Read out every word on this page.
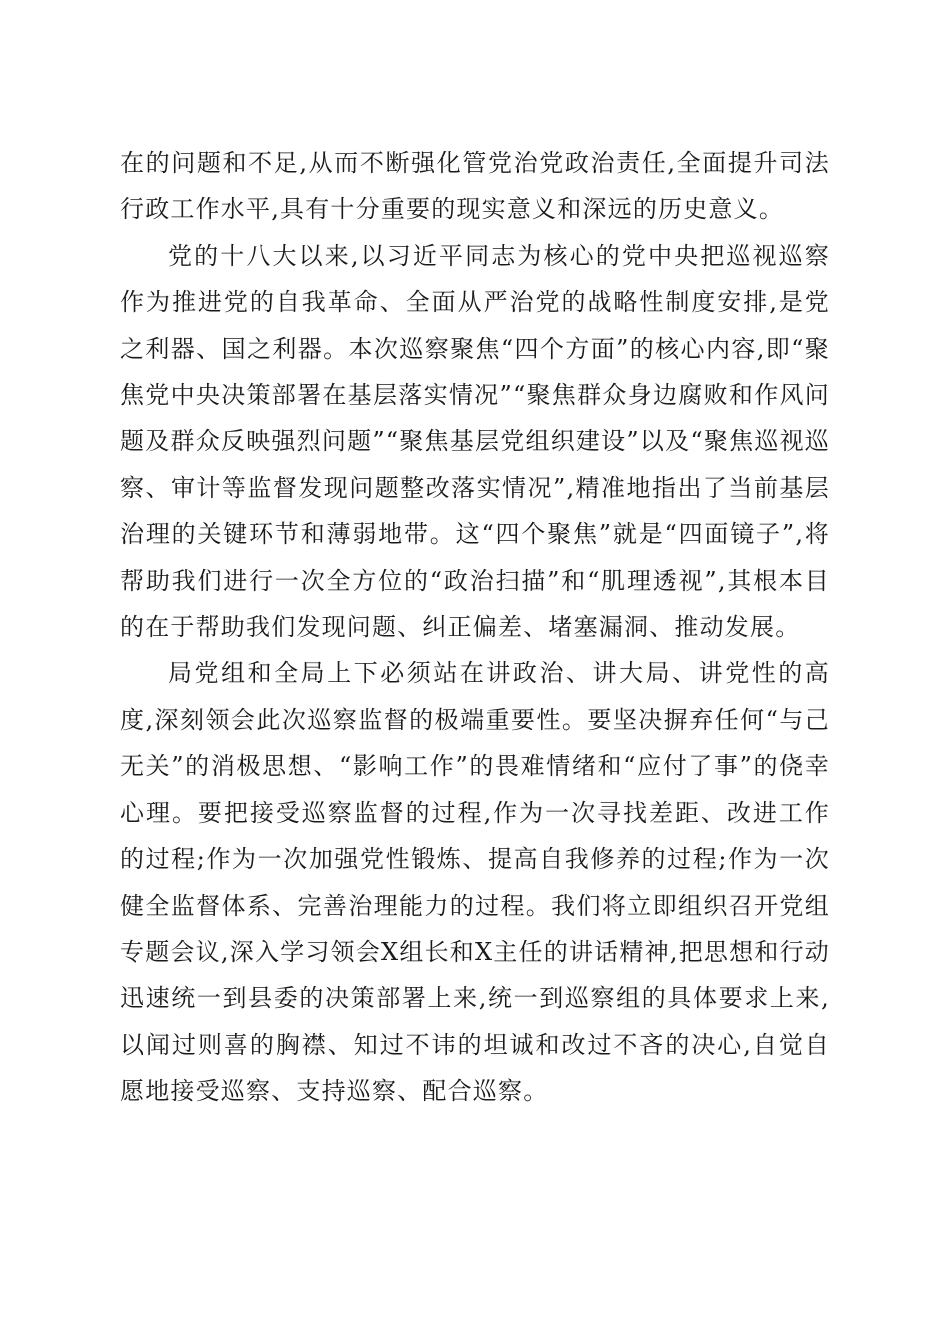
在的问题和不足,从而不断强化管党治党政治责任,全面提升司法行政工作水平,具有十分重要的现实意义和深远的历史意义。

党的十八大以来,以习近平同志为核心的党中央把巡视巡察作为推进党的自我革命、全面从严治党的战略性制度安排,是党之利器、国之利器。本次巡察聚焦“四个方面”的核心内容,即“聚焦党中央决策部署在基层落实情况”“聚焦群众身边腐败和作风问题及群众反映强烈问题”“聚焦基层党组织建设”以及“聚焦巡视巡察、审计等监督发现问题整改落实情况”,精准地指出了当前基层治理的关键环节和薄弱地带。这“四个聚焦”就是“四面镜子”,将帮助我们进行一次全方位的“政治扫描”和“肌理透视”,其根本目的在于帮助我们发现问题、纠正偏差、堵塞漏洞、推动发展。

局党组和全局上下必须站在讲政治、讲大局、讲党性的高度,深刻领会此次巡察监督的极端重要性。要坚决摒弃任何“与己无关”的消极思想、“影响工作”的畏难情绪和“应付了事”的侥幸心理。要把接受巡察监督的过程,作为一次寻找差距、改进工作的过程;作为一次加强党性锻炼、提高自我修养的过程;作为一次健全监督体系、完善治理能力的过程。我们将立即组织召开党组专题会议,深入学习领会X组长和X主任的讲话精神,把思想和行动迅速统一到县委的决策部署上来,统一到巡察组的具体要求上来,以闻过则喜的胸襟、知过不讳的坦诚和改过不吝的决心,自觉自愿地接受巡察、支持巡察、配合巡察。
